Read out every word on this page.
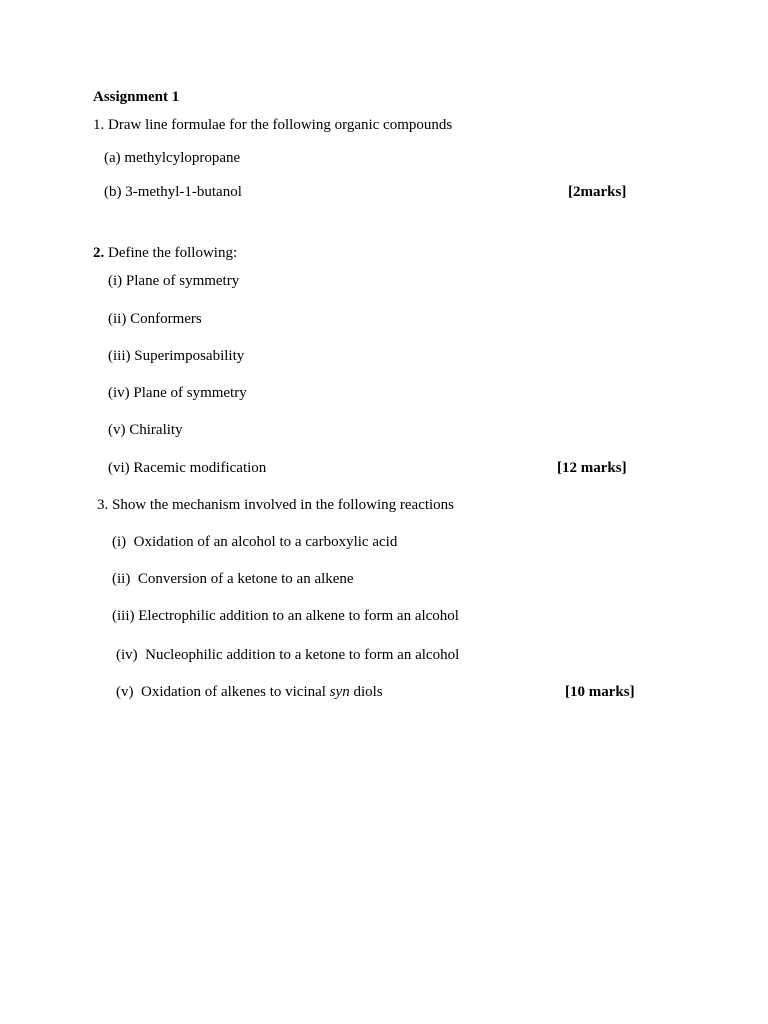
Assignment 1
1. Draw line formulae for the following organic compounds
(a) methylcylopropane
(b) 3-methyl-1-butanol	[2marks]
2. Define the following:
(i) Plane of symmetry
(ii) Conformers
(iii) Superimposability
(iv) Plane of symmetry
(v) Chirality
(vi) Racemic modification	[12 marks]
3. Show the mechanism involved in the following reactions
(i)  Oxidation of an alcohol to a carboxylic acid
(ii)  Conversion of a ketone to an alkene
(iii) Electrophilic addition to an alkene to form an alcohol
(iv)  Nucleophilic addition to a ketone to form an alcohol
(v)  Oxidation of alkenes to vicinal syn diols	[10 marks]
